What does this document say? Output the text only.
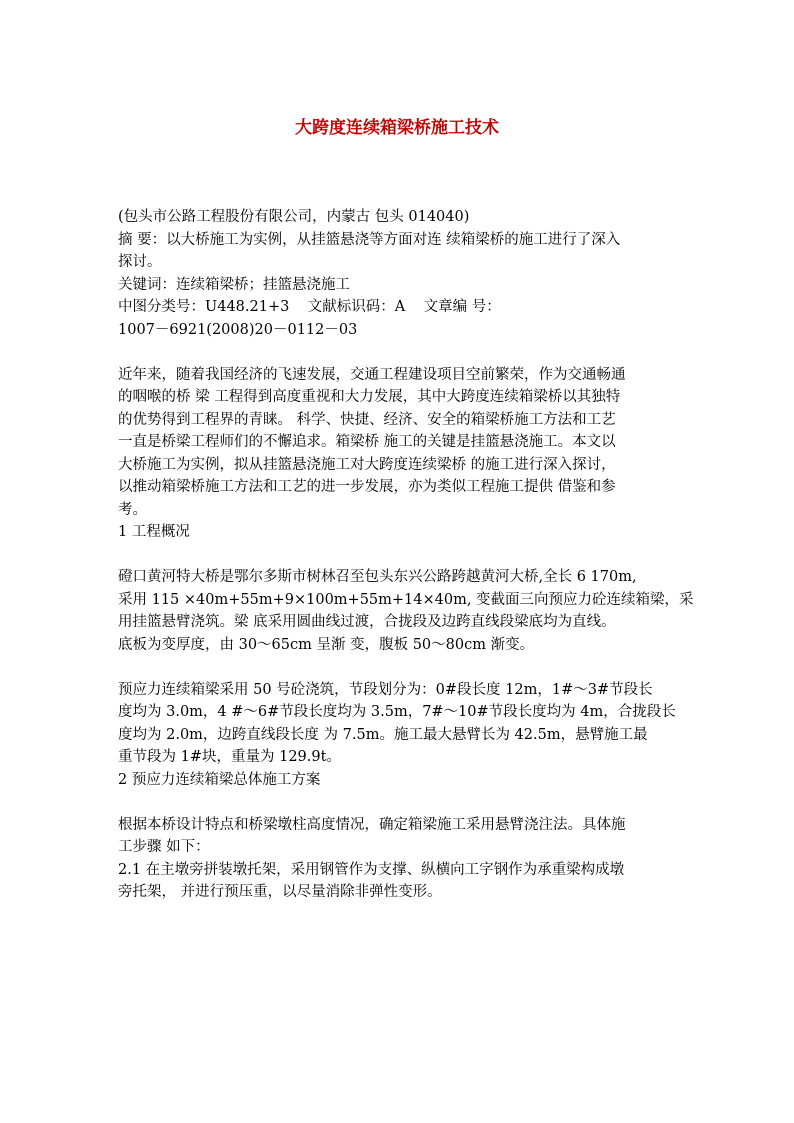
大跨度连续箱梁桥施工技术
(包头市公路工程股份有限公司，内蒙古 包头 014040)
摘 要：以大桥施工为实例，从挂篮悬浇等方面对连 续箱梁桥的施工进行了深入
探讨。
关键词：连续箱梁桥；挂篮悬浇施工
中图分类号：U448.21+3    文献标识码：A    文章编 号：
1007－6921(2008)20－0112－03
近年来，随着我国经济的飞速发展，交通工程建设项目空前繁荣，作为交通畅通
的咽喉的桥 梁 工程得到高度重视和大力发展，其中大跨度连续箱梁桥以其独特
的优势得到工程界的青睐。 科学、快捷、经济、安全的箱梁桥施工方法和工艺
一直是桥梁工程师们的不懈追求。箱梁桥 施工的关键是挂篮悬浇施工。本文以
大桥施工为实例，拟从挂篮悬浇施工对大跨度连续梁桥 的施工进行深入探讨，
以推动箱梁桥施工方法和工艺的进一步发展，亦为类似工程施工提供 借鉴和参
考。
1 工程概况
磴口黄河特大桥是鄂尔多斯市树林召至包头东兴公路跨越黄河大桥,全长 6 170m,
采用 115 ×40m+55m+9×100m+55m+14×40m, 变截面三向预应力砼连续箱梁，采
用挂篮悬臂浇筑。梁 底采用圆曲线过渡，合拢段及边跨直线段梁底均为直线。
底板为变厚度，由 30～65cm 呈渐 变，腹板 50～80cm 渐变。
预应力连续箱梁采用 50 号砼浇筑，节段划分为：0#段长度 12m，1#～3#节段长
度均为 3.0m，4 #～6#节段长度均为 3.5m，7#～10#节段长度均为 4m，合拢段长
度均为 2.0m，边跨直线段长度 为 7.5m。施工最大悬臂长为 42.5m，悬臂施工最
重节段为 1#块，重量为 129.9t。
2 预应力连续箱梁总体施工方案
根据本桥设计特点和桥梁墩柱高度情况，确定箱梁施工采用悬臂浇注法。具体施
工步骤 如下：
2.1 在主墩旁拼装墩托架，采用钢管作为支撑、纵横向工字钢作为承重梁构成墩
旁托架， 并进行预压重，以尽量消除非弹性变形。
